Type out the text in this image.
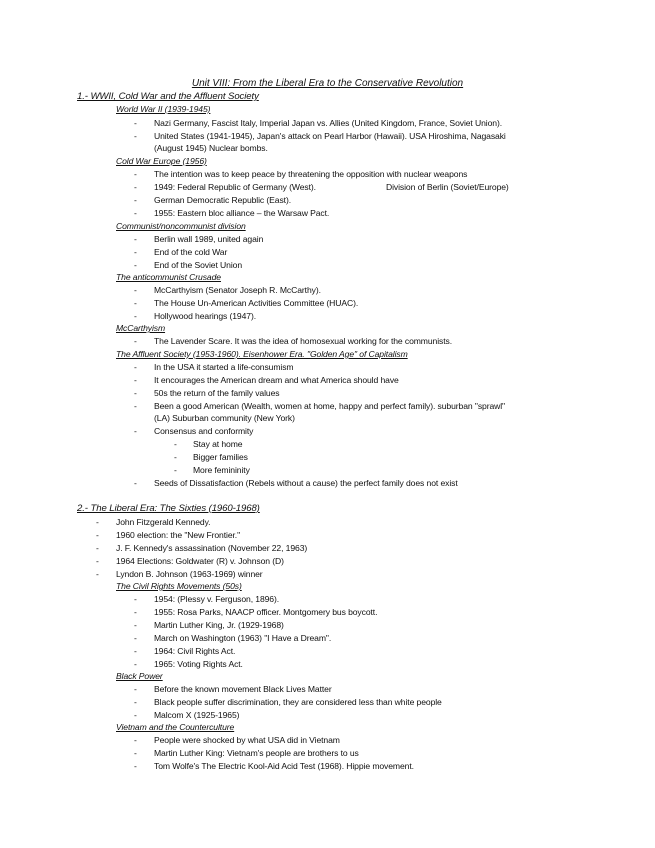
Unit VIII: From the Liberal Era to the Conservative Revolution
1.- WWII, Cold War and the Affluent Society
World War II (1939-1945)
- Nazi Germany, Fascist Italy, Imperial Japan vs. Allies (United Kingdom, France, Soviet Union).
- United States (1941-1945), Japan's attack on Pearl Harbor (Hawaii). USA Hiroshima, Nagasaki
(August 1945) Nuclear bombs.
Cold War Europe (1956)
- The intention was to keep peace by threatening the opposition with nuclear weapons
- 1949: Federal Republic of Germany (West).	Division of Berlin (Soviet/Europe)
- German Democratic Republic (East).
- 1955: Eastern bloc alliance – the Warsaw Pact.
Communist/noncommunist division
- Berlin wall 1989, united again
- End of the cold War
- End of the Soviet Union
The anticommunist Crusade
- McCarthyism (Senator Joseph R. McCarthy).
- The House Un-American Activities Committee (HUAC).
- Hollywood hearings (1947).
McCarthyism
- The Lavender Scare. It was the idea of homosexual working for the communists.
The Affluent Society (1953-1960). Eisenhower Era. "Golden Age" of Capitalism
- In the USA it started a life-consumism
- It encourages the American dream and what America should have
- 50s the return of the family values
- Been a good American (Wealth, women at home, happy and perfect family). suburban "sprawl"
(LA) Suburban community (New York)
- Consensus and conformity
- Stay at home
- Bigger families
- More femininity
- Seeds of Dissatisfaction (Rebels without a cause) the perfect family does not exist
2.- The Liberal Era: The Sixties (1960-1968)
- John Fitzgerald Kennedy.
- 1960 election: the "New Frontier."
- J. F. Kennedy's assassination (November 22, 1963)
- 1964 Elections: Goldwater (R) v. Johnson (D)
- Lyndon B. Johnson (1963-1969) winner
The Civil Rights Movements (50s)
- 1954: (Plessy v. Ferguson, 1896).
- 1955: Rosa Parks, NAACP officer. Montgomery bus boycott.
- Martin Luther King, Jr. (1929-1968)
- March on Washington (1963) "I Have a Dream".
- 1964: Civil Rights Act.
- 1965: Voting Rights Act.
Black Power
- Before the known movement Black Lives Matter
- Black people suffer discrimination, they are considered less than white people
- Malcom X (1925-1965)
Vietnam and the Counterculture
- People were shocked by what USA did in Vietnam
- Martin Luther King: Vietnam's people are brothers to us
- Tom Wolfe's The Electric Kool-Aid Acid Test (1968). Hippie movement.
